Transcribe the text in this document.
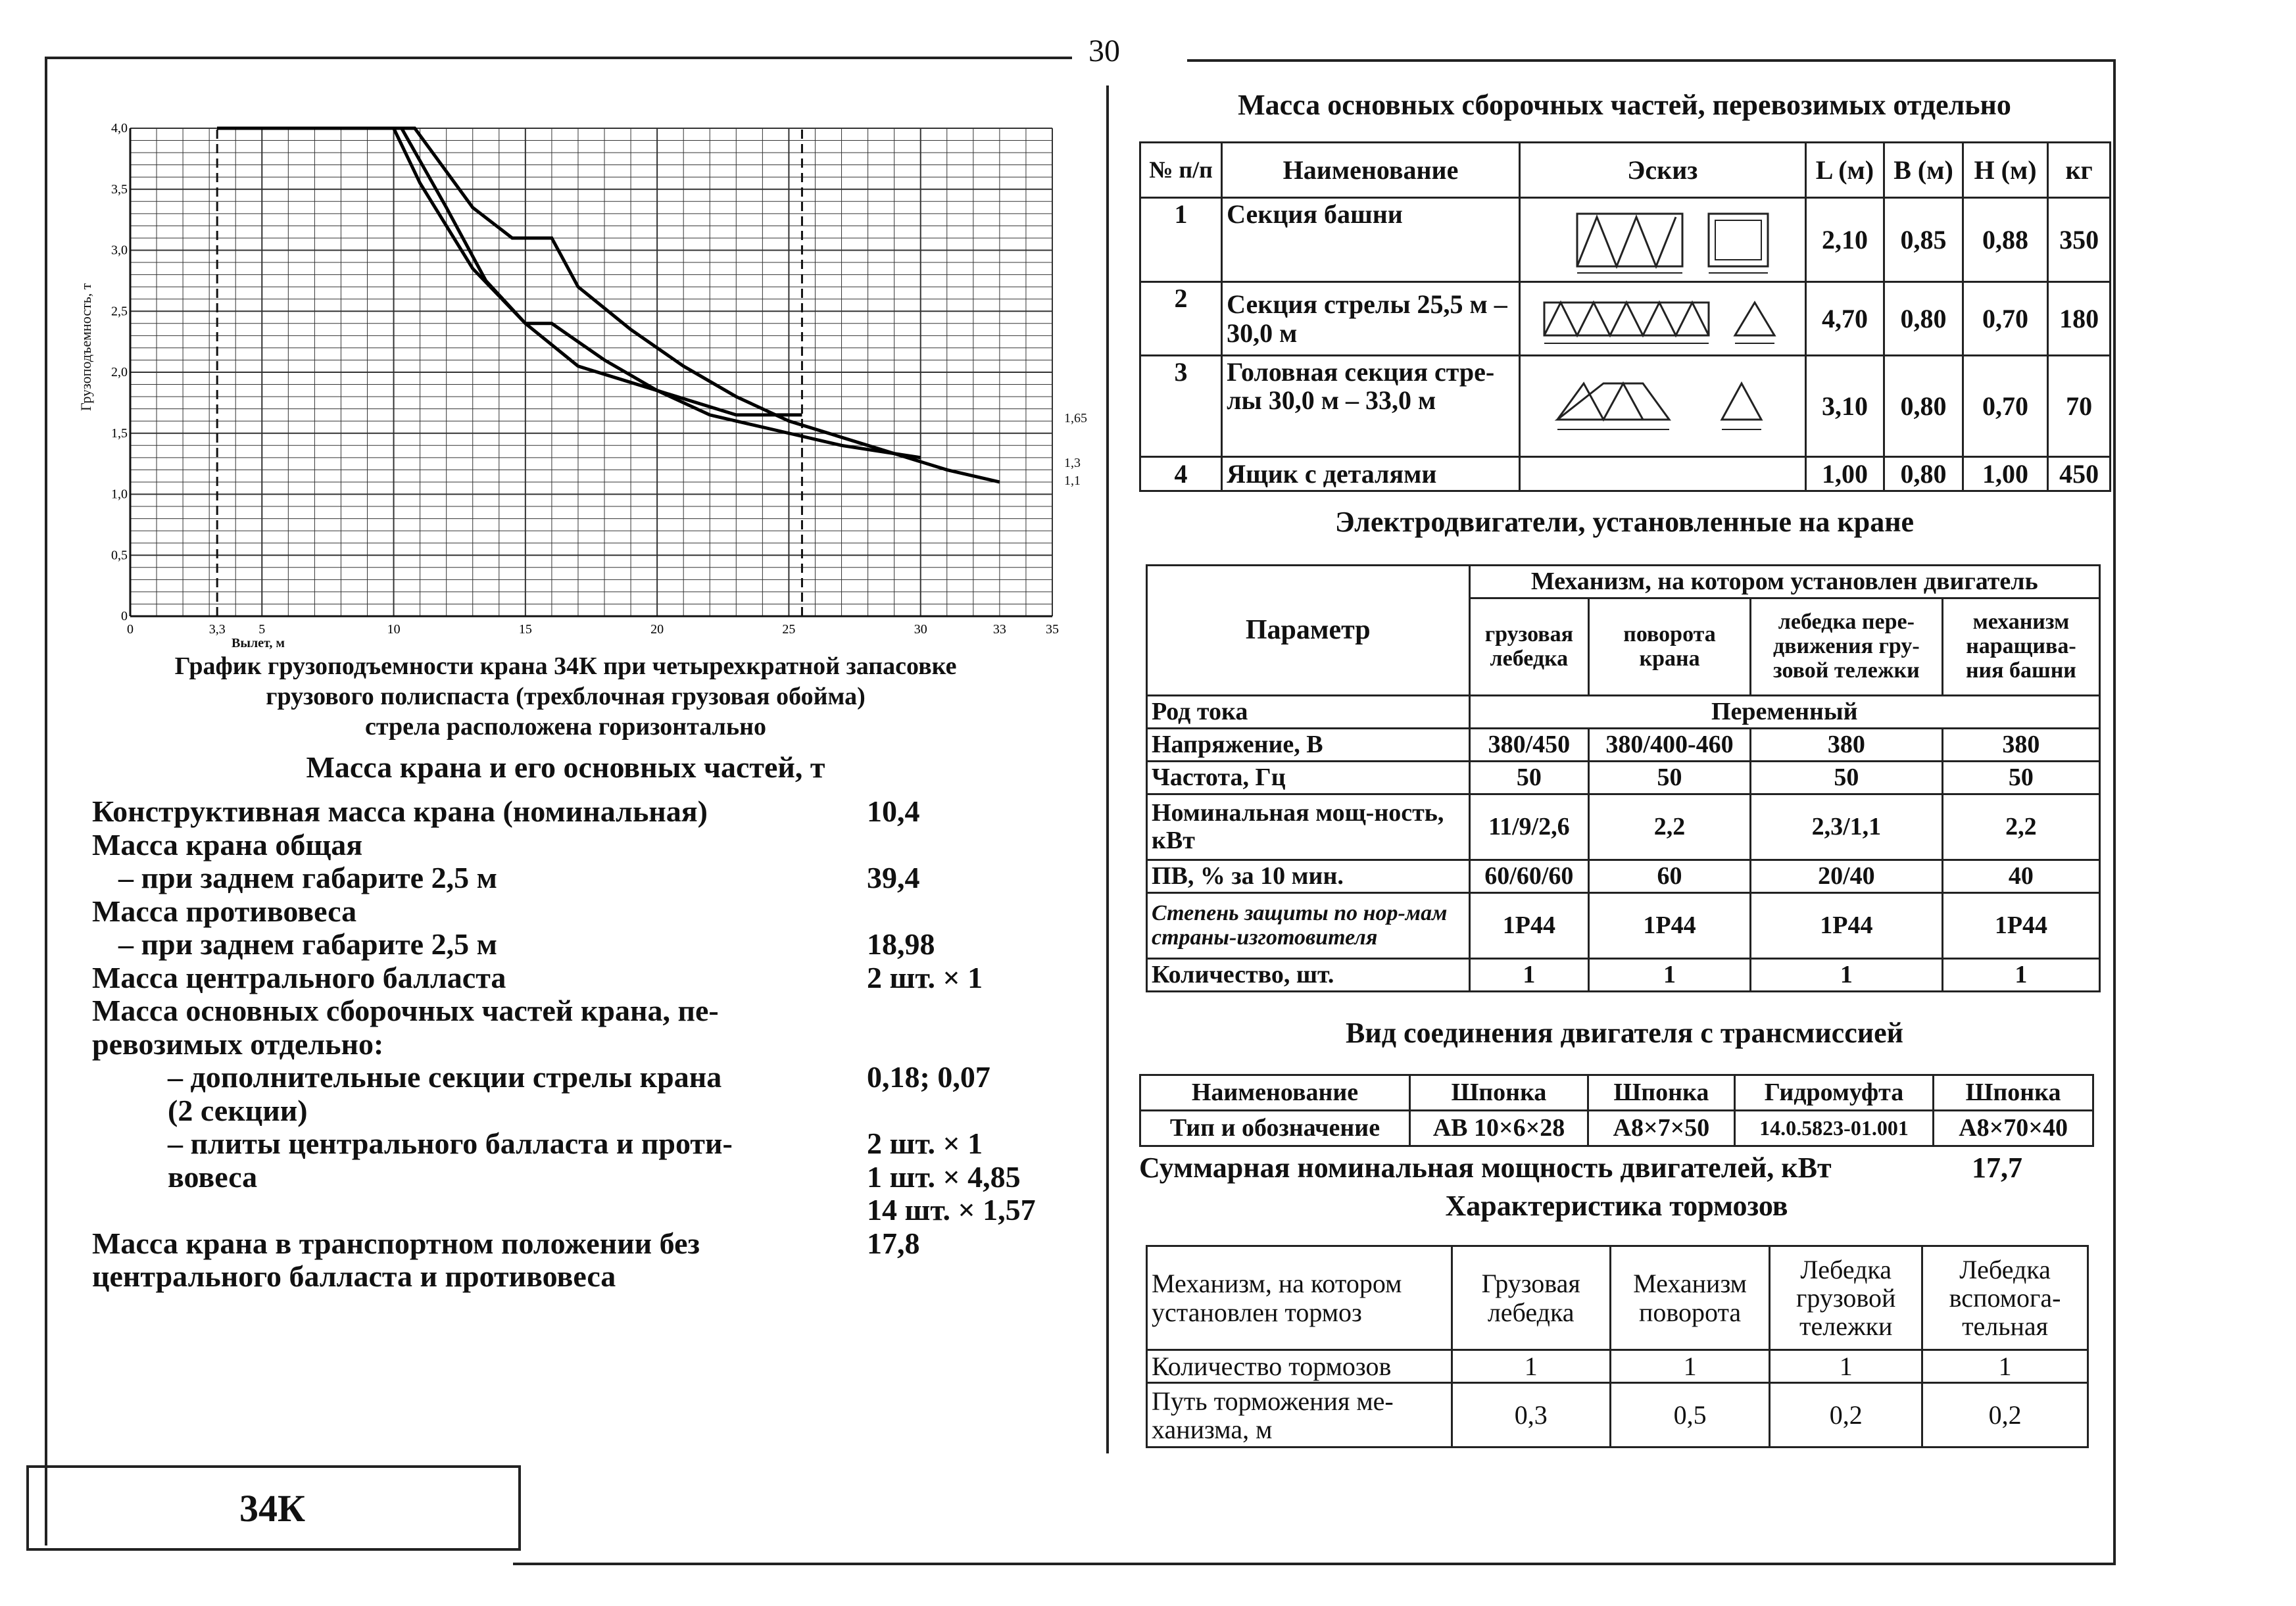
30
34К
0	3,3	5	10	15	20	25	30	33	35
0
0,5
1,0
1,5
2,0
2,5
3,0
3,5
4,0
Грузоподъемность, т
Вылет, м
1,65
1,3
1,1
График грузоподъемности крана 34К при четырехкратной запасовке
грузового полиспаста (трехблочная грузовая обойма)
стрела расположена горизонтально
Масса крана и его основных частей, т
Конструктивная масса крана (номинальная)	10,4
Масса крана общая
– при заднем габарите 2,5 м	39,4
Масса противовеса
– при заднем габарите 2,5 м	18,98
Масса центрального балласта	2 шт. × 1
Масса основных сборочных частей крана, пе-
ревозимых отдельно:
– дополнительные секции стрелы крана	0,18; 0,07
(2 секции)
– плиты центрального балласта и проти-	2 шт. × 1
вовеса	1 шт. × 4,85
14 шт. × 1,57
Масса крана в транспортном положении без	17,8
центрального балласта и противовеса
Масса основных сборочных частей, перевозимых отдельно
№ п/п	Наименование	Эскиз	L (м)	B (м)	H (м)	кг
1	Секция башни		2,10	0,85	0,88	350
2	Секция стрелы 25,5 м – 30,0 м		4,70	0,80	0,70	180
3	Головная секция стре-лы 30,0 м – 33,0 м		3,10	0,80	0,70	70
4	Ящик с деталями		1,00	0,80	1,00	450
Электродвигатели, установленные на кране
Параметр	Механизм, на котором установлен двигатель			
	грузовая лебедка	поворота крана	лебедка пере-движения гру-зовой тележки	механизм наращива-ния башни
Род тока	Переменный			
Напряжение, В	380/450	380/400-460	380	380
Частота, Гц	50	50	50	50
Номинальная мощ-ность, кВт	11/9/2,6	2,2	2,3/1,1	2,2
ПВ, % за 10 мин.	60/60/60	60	20/40	40
Степень защиты по нор-мам страны-изготовителя	1Р44	1Р44	1Р44	1Р44
Количество, шт.	1	1	1	1
Вид соединения двигателя с трансмиссией
Наименование	Шпонка	Шпонка	Гидромуфта	Шпонка
Тип и обозначение	АВ 10×6×28	А8×7×50	14.0.5823-01.001	А8×70×40
Суммарная номинальная мощность двигателей, кВт	17,7
Характеристика тормозов
Механизм, на котором установлен тормоз	Грузовая лебедка	Механизм поворота	Лебедка грузовой тележки	Лебедка вспомога-тельная
Количество тормозов	1	1	1	1
Путь торможения ме-ханизма, м	0,3	0,5	0,2	0,2
